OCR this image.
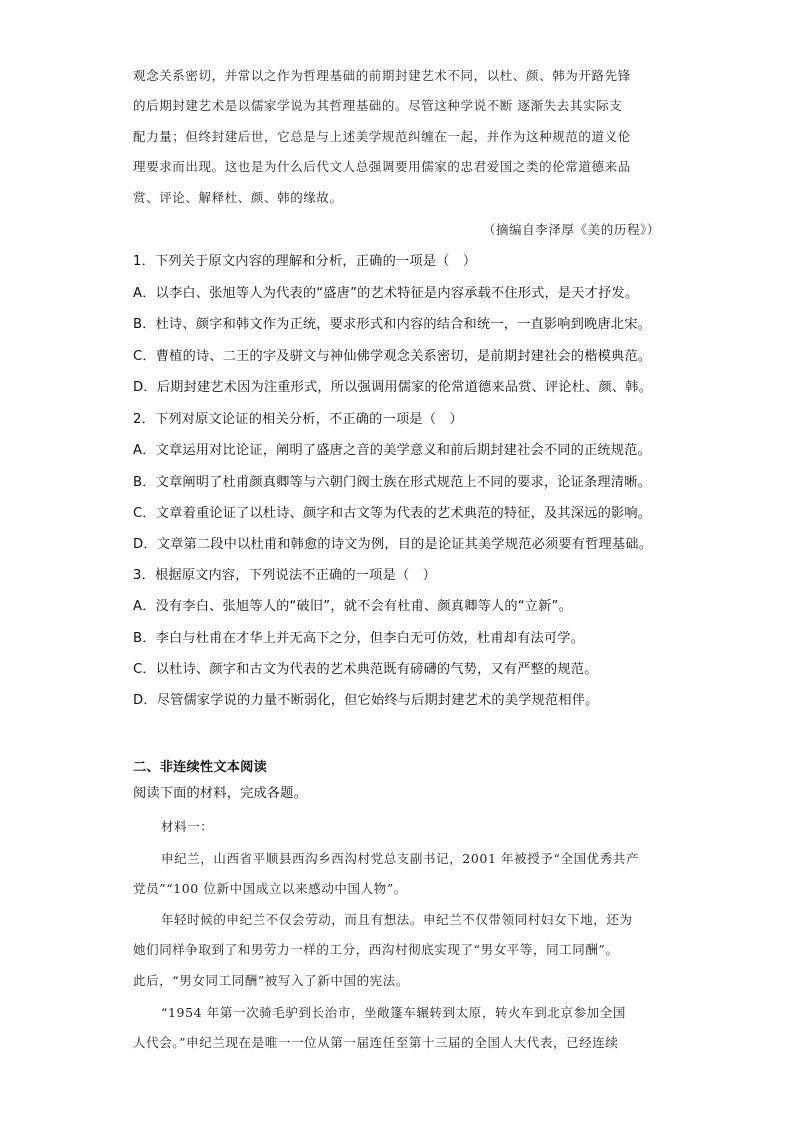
观念关系密切，并常以之作为哲理基础的前期封建艺术不同，以杜、颜、韩为开路先锋
的后期封建艺术是以儒家学说为其哲理基础的。尽管这种学说不断 逐渐失去其实际支
配力量；但终封建后世，它总是与上述美学规范纠缠在一起，并作为这种规范的道义伦
理要求而出现。这也是为什么后代文人总强调要用儒家的忠君爱国之类的伦常道德来品
赏、评论、解释杜、颜、韩的缘故。
（摘编自李泽厚《美的历程》）
1．下列关于原文内容的理解和分析，正确的一项是（　）
A．以李白、张旭等人为代表的“盛唐”的艺术特征是内容承载不住形式，是天才抒发。
B．杜诗、颜字和韩文作为正统，要求形式和内容的结合和统一，一直影响到晚唐北宋。
C．曹植的诗、二王的字及骈文与神仙佛学观念关系密切，是前期封建社会的楷模典范。
D．后期封建艺术因为注重形式，所以强调用儒家的伦常道德来品赏、评论杜、颜、韩。
2．下列对原文论证的相关分析，不正确的一项是（　）
A．文章运用对比论证，阐明了盛唐之音的美学意义和前后期封建社会不同的正统规范。
B．文章阐明了杜甫颜真卿等与六朝门阀士族在形式规范上不同的要求，论证条理清晰。
C．文章着重论证了以杜诗、颜字和古文等为代表的艺术典范的特征，及其深远的影响。
D．文章第二段中以杜甫和韩愈的诗文为例，目的是论证其美学规范必须要有哲理基础。
3．根据原文内容，下列说法不正确的一项是（　）
A．没有李白、张旭等人的“破旧”，就不会有杜甫、颜真卿等人的“立新”。
B．李白与杜甫在才华上并无高下之分，但李白无可仿效，杜甫却有法可学。
C．以杜诗、颜字和古文为代表的艺术典范既有磅礴的气势，又有严整的规范。
D．尽管儒家学说的力量不断弱化，但它始终与后期封建艺术的美学规范相伴。
二、非连续性文本阅读
阅读下面的材料，完成各题。
材料一：
申纪兰，山西省平顺县西沟乡西沟村党总支副书记，2001 年被授予“全国优秀共产
党员”“100 位新中国成立以来感动中国人物”。
年轻时候的申纪兰不仅会劳动，而且有想法。申纪兰不仅带领同村妇女下地，还为
她们同样争取到了和男劳力一样的工分，西沟村彻底实现了“男女平等，同工同酬”。
此后，“男女同工同酬”被写入了新中国的宪法。
“1954 年第一次骑毛驴到长治市，坐敞篷车辗转到太原，转火车到北京参加全国
人代会。”申纪兰现在是唯一一位从第一届连任至第十三届的全国人大代表，已经连续
